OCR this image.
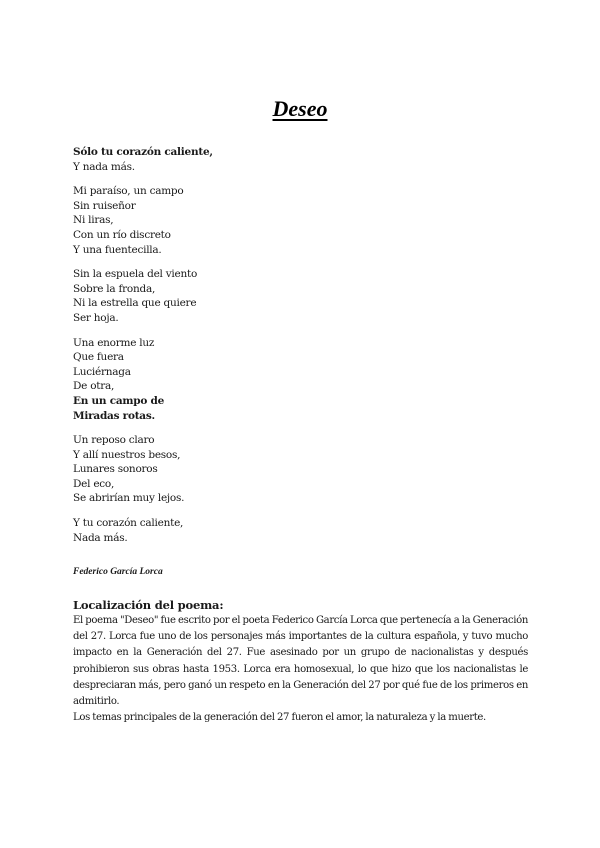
Deseo
Sólo tu corazón caliente,
Y nada más.
Mi paraíso, un campo
Sin ruiseñor
Ni liras,
Con un río discreto
Y una fuentecilla.
Sin la espuela del viento
Sobre la fronda,
Ni la estrella que quiere
Ser hoja.
Una enorme luz
Que fuera
Luciérnaga
De otra,
En un campo de
Miradas rotas.
Un reposo claro
Y allí nuestros besos,
Lunares sonoros
Del eco,
Se abrirían muy lejos.
Y tu corazón caliente,
Nada más.
Federico García Lorca
Localización del poema:

El poema "Deseo" fue escrito por el poeta Federico García Lorca que pertenecía a la Generación del 27. Lorca fue uno de los personajes más importantes de la cultura española, y tuvo mucho impacto en la Generación del 27. Fue asesinado por un grupo de nacionalistas y después prohibieron sus obras hasta 1953. Lorca era homosexual, lo que hizo que los nacionalistas le despreciaran más, pero ganó un respeto en la Generación del 27 por qué fue de los primeros en admitirlo.

Los temas principales de la generación del 27 fueron el amor, la naturaleza y la muerte.
